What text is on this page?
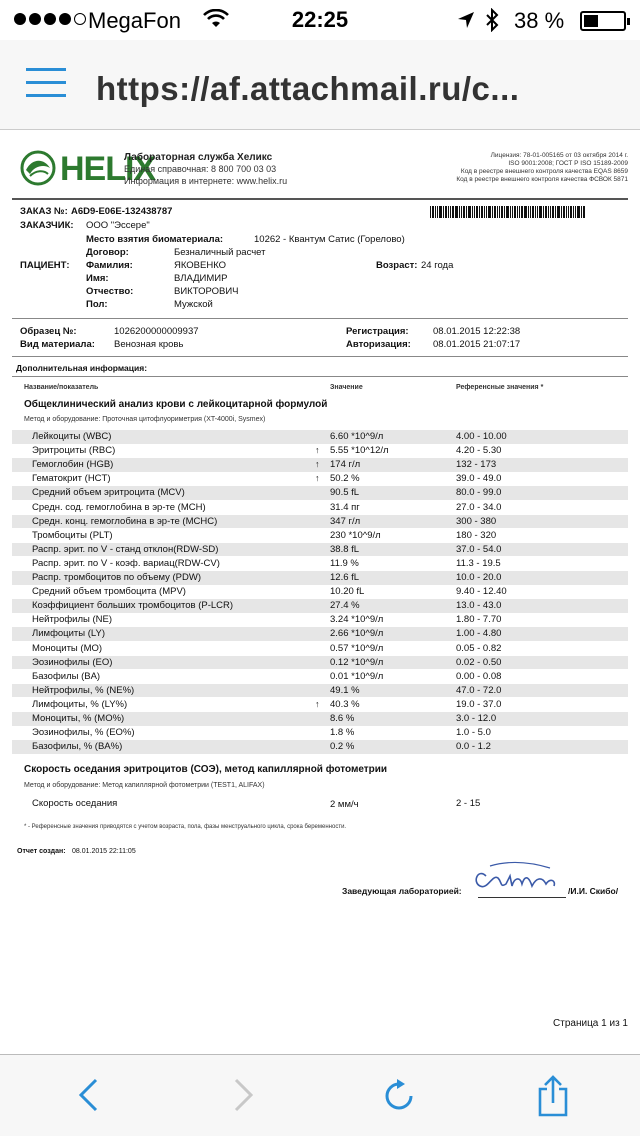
MegaFon	22:25	38 %
https://af.attachmail.ru/c...
HELIX
Лабораторная служба Хеликс
Единая справочная: 8 800 700 03 03
Информация в интернете: www.helix.ru
Лицензия: 78-01-005165 от 03 октября 2014 г.
ISO 9001:2008; ГОСТ Р ISO 15189-2009
Код в реестре внешнего контроля качества EQAS 8659
Код в реестре внешнего контроля качества ФСВОК 5871
ЗАКАЗ №: A6D9-E06E-132438787
ЗАКАЗЧИК: ООО "Эссере"
Место взятия биоматериала:	10262 - Квантум Сатис (Горелово)
Договор:	Безналичный расчет
ПАЦИЕНТ: Фамилия:	ЯКОВЕНКО	Возраст: 24 года
Имя:	ВЛАДИМИР
Отчество:	ВИКТОРОВИЧ
Пол:	Мужской
Образец №:	1026200000009937	Регистрация:	08.01.2015 12:22:38
Вид материала: Венозная кровь	Авторизация: 08.01.2015 21:07:17
Дополнительная информация:
Название/показатель	Значение	Референсные значения *
Общеклинический анализ крови с лейкоцитарной формулой
Метод и оборудование: Проточная цитофлуориметрия (XT-4000i, Sysmex)
Лейкоциты (WBC)	6.60 *10^9/л	4.00 - 10.00
Эритроциты (RBC)	↑ 5.55 *10^12/л	4.20 - 5.30
Гемоглобин (HGB)	↑ 174 г/л	132 - 173
Гематокрит (HCT)	↑ 50.2 %	39.0 - 49.0
Средний объем эритроцита (MCV)	90.5 fL	80.0 - 99.0
Средн. сод. гемоглобина в эр-те (MCH)	31.4 пг	27.0 - 34.0
Средн. конц. гемоглобина в эр-те (MCHC)	347 г/л	300 - 380
Тромбоциты (PLT)	230 *10^9/л	180 - 320
Распр. эрит. по V - станд отклон(RDW-SD)	38.8 fL	37.0 - 54.0
Распр. эрит. по V - коэф. вариац(RDW-CV)	11.9 %	11.3 - 19.5
Распр. тромбоцитов по объему (PDW)	12.6 fL	10.0 - 20.0
Средний объем тромбоцита (MPV)	10.20 fL	9.40 - 12.40
Коэффициент больших тромбоцитов (P-LCR)	27.4 %	13.0 - 43.0
Нейтрофилы (NE)	3.24 *10^9/л	1.80 - 7.70
Лимфоциты (LY)	2.66 *10^9/л	1.00 - 4.80
Моноциты (MO)	0.57 *10^9/л	0.05 - 0.82
Эозинофилы (EO)	0.12 *10^9/л	0.02 - 0.50
Базофилы (BA)	0.01 *10^9/л	0.00 - 0.08
Нейтрофилы, % (NE%)	49.1 %	47.0 - 72.0
Лимфоциты, % (LY%)	↑ 40.3 %	19.0 - 37.0
Моноциты, % (MO%)	8.6 %	3.0 - 12.0
Эозинофилы, % (EO%)	1.8 %	1.0 - 5.0
Базофилы, % (BA%)	0.2 %	0.0 - 1.2
Скорость оседания эритроцитов (СОЭ), метод капиллярной фотометрии
Метод и оборудование: Метод капиллярной фотометрии (TEST1, ALIFAX)
Скорость оседания	2 мм/ч	2 - 15
* - Референсные значения приводятся с учетом возраста, пола, фазы менструального цикла, срока беременности.
Отчет создан: 08.01.2015 22:11:05
Заведующая лабораторией:	/И.И. Скибо/
Страница 1 из 1
